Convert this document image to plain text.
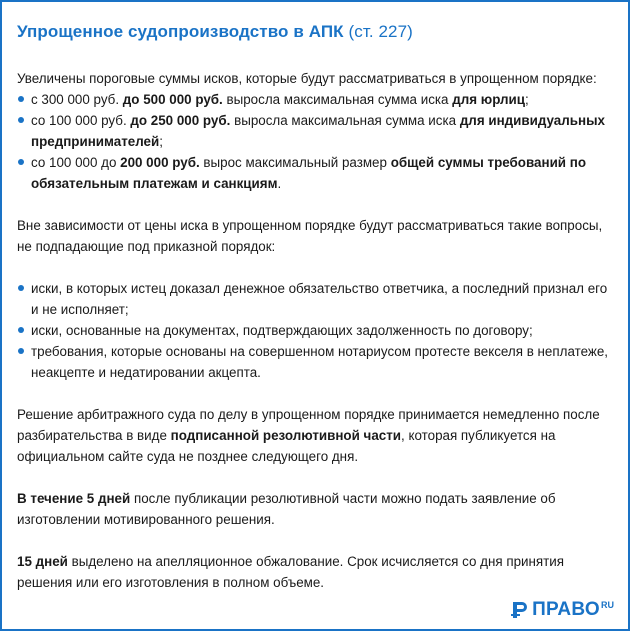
Упрощенное судопроизводство в АПК (ст. 227)

Увеличены пороговые суммы исков, которые будут рассматриваться в упрощенном порядке:

с 300 000 руб. до 500 000 руб. выросла максимальная сумма иска для юрлиц;
со 100 000 руб. до 250 000 руб. выросла максимальная сумма иска для индивидуальных предпринимателей;
со 100 000 до 200 000 руб. вырос максимальный размер общей суммы требований по обязательным платежам и санкциям.

Вне зависимости от цены иска в упрощенном порядке будут рассматриваться такие вопросы, не подпадающие под приказной порядок:

иски, в которых истец доказал денежное обязательство ответчика, а последний признал его и не исполняет;
иски, основанные на документах, подтверждающих задолженность по договору;
требования, которые основаны на совершенном нотариусом протесте векселя в неплатеже, неакцепте и недатировании акцепта.

Решение арбитражного суда по делу в упрощенном порядке принимается немедленно после разбирательства в виде подписанной резолютивной части, которая публикуется на официальном сайте суда не позднее следующего дня.

В течение 5 дней после публикации резолютивной части можно подать заявление об изготовлении мотивированного решения.

15 дней выделено на апелляционное обжалование. Срок исчисляется со дня принятия решения или его изготовления в полном объеме.

ПРАВО RU
